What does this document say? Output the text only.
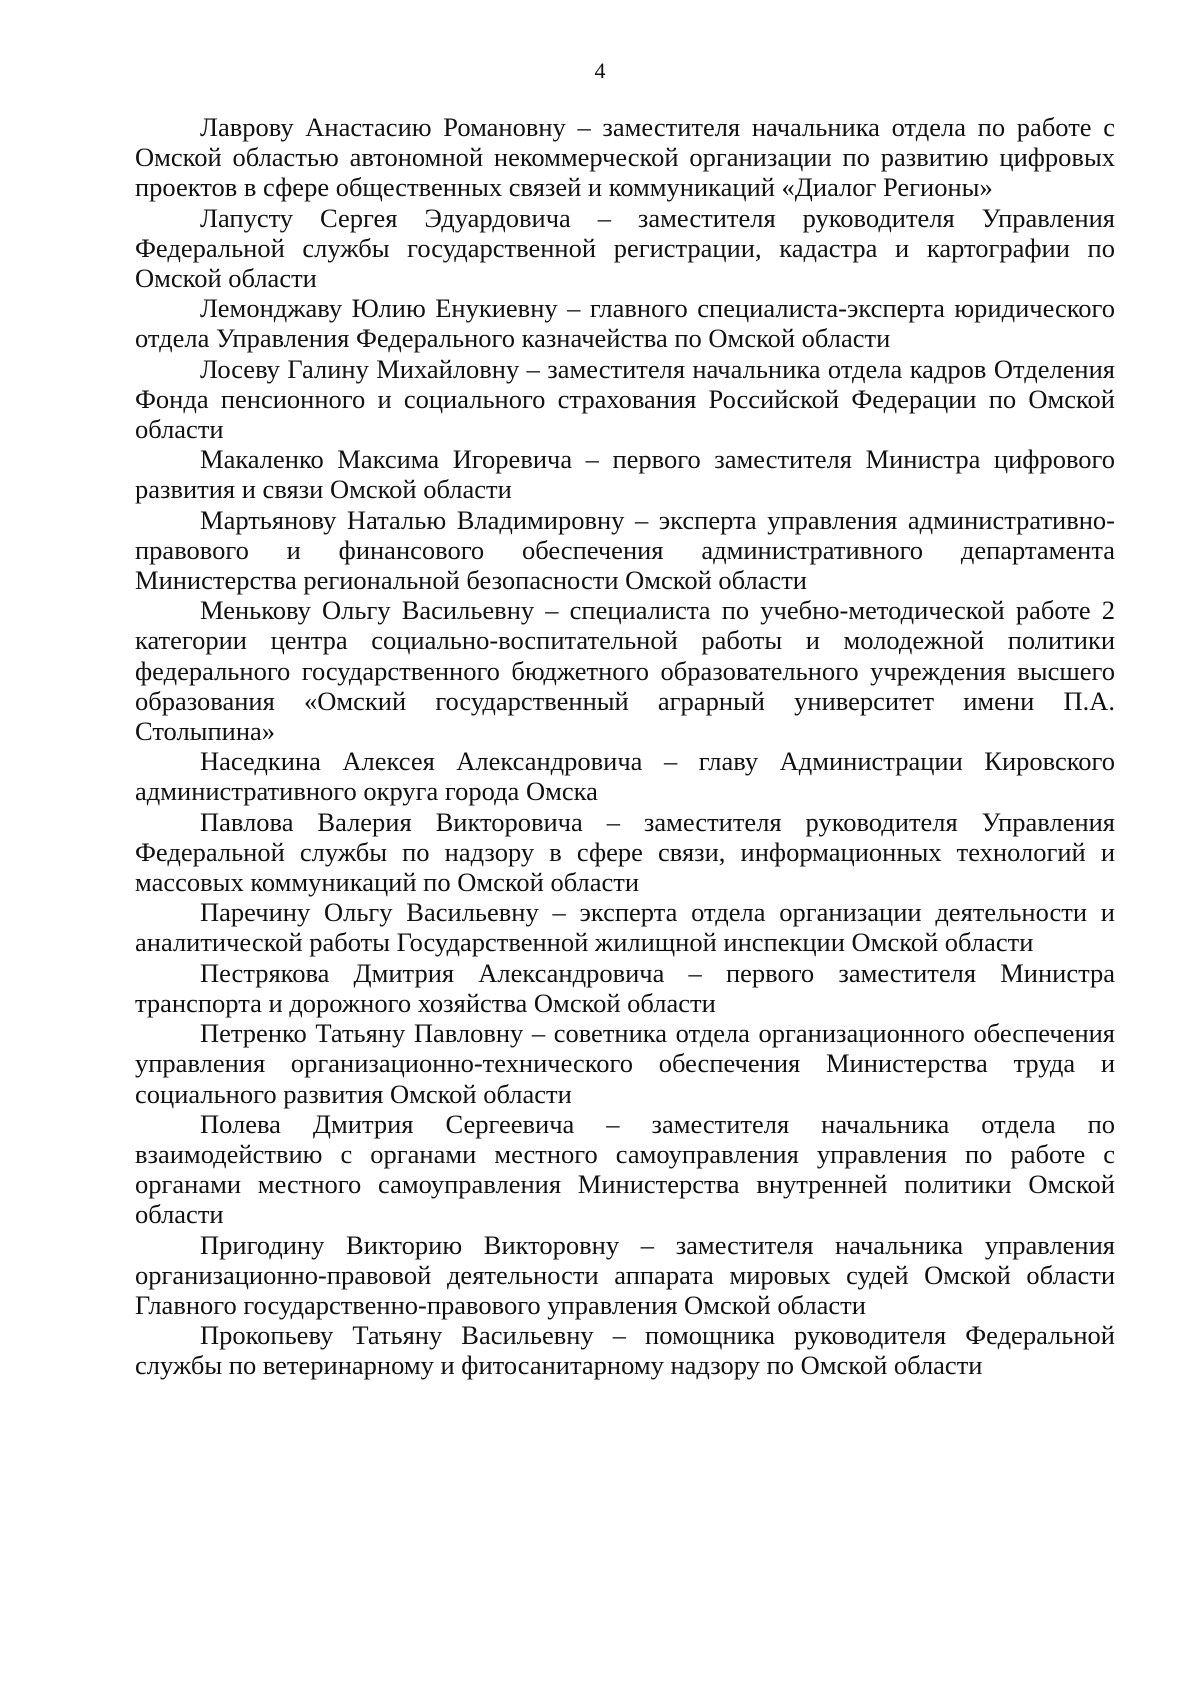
4

Лаврову Анастасию Романовну – заместителя начальника отдела по работе с Омской областью автономной некоммерческой организации по развитию цифровых проектов в сфере общественных связей и коммуникаций «Диалог Регионы»

Лапусту Сергея Эдуардовича – заместителя руководителя Управления Федеральной службы государственной регистрации, кадастра и картографии по Омской области

Лемонджаву Юлию Енукиевну – главного специалиста-эксперта юридического отдела Управления Федерального казначейства по Омской области

Лосеву Галину Михайловну – заместителя начальника отдела кадров Отделения Фонда пенсионного и социального страхования Российской Федерации по Омской области

Макаленко Максима Игоревича – первого заместителя Министра цифрового развития и связи Омской области

Мартьянову Наталью Владимировну – эксперта управления административно-правового и финансового обеспечения административного департамента Министерства региональной безопасности Омской области

Менькову Ольгу Васильевну – специалиста по учебно-методической работе 2 категории центра социально-воспитательной работы и молодежной политики федерального государственного бюджетного образовательного учреждения высшего образования «Омский государственный аграрный университет имени П.А. Столыпина»

Наседкина Алексея Александровича – главу Администрации Кировского административного округа города Омска

Павлова Валерия Викторовича – заместителя руководителя Управления Федеральной службы по надзору в сфере связи, информационных технологий и массовых коммуникаций по Омской области

Паречину Ольгу Васильевну – эксперта отдела организации деятельности и аналитической работы Государственной жилищной инспекции Омской области

Пестрякова Дмитрия Александровича – первого заместителя Министра транспорта и дорожного хозяйства Омской области

Петренко Татьяну Павловну – советника отдела организационного обеспечения управления организационно-технического обеспечения Министерства труда и социального развития Омской области

Полева Дмитрия Сергеевича – заместителя начальника отдела по взаимодействию с органами местного самоуправления управления по работе с органами местного самоуправления Министерства внутренней политики Омской области

Пригодину Викторию Викторовну – заместителя начальника управления организационно-правовой деятельности аппарата мировых судей Омской области Главного государственно-правового управления Омской области

Прокопьеву Татьяну Васильевну – помощника руководителя Федеральной службы по ветеринарному и фитосанитарному надзору по Омской области
